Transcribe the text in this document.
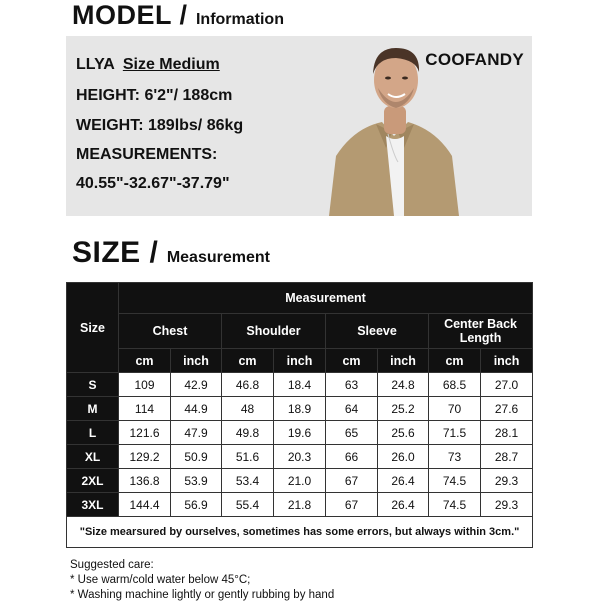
MODEL / Information
LLYA Size Medium
HEIGHT: 6'2"/ 188cm
WEIGHT: 189lbs/ 86kg
MEASUREMENTS:
40.55"-32.67"-37.79"
COOFANDY
SIZE / Measurement
Size	Measurement							
	Chest		Shoulder		Sleeve		Center Back Length	
	cm	inch	cm	inch	cm	inch	cm	inch
S	109	42.9	46.8	18.4	63	24.8	68.5	27.0
M	114	44.9	48	18.9	64	25.2	70	27.6
L	121.6	47.9	49.8	19.6	65	25.6	71.5	28.1
XL	129.2	50.9	51.6	20.3	66	26.0	73	28.7
2XL	136.8	53.9	53.4	21.0	67	26.4	74.5	29.3
3XL	144.4	56.9	55.4	21.8	67	26.4	74.5	29.3
"Size mearsured by ourselves, sometimes has some errors, but always within 3cm."								
Suggested care:
* Use warm/cold water below 45°C;
* Washing machine lightly or gently rubbing by hand
